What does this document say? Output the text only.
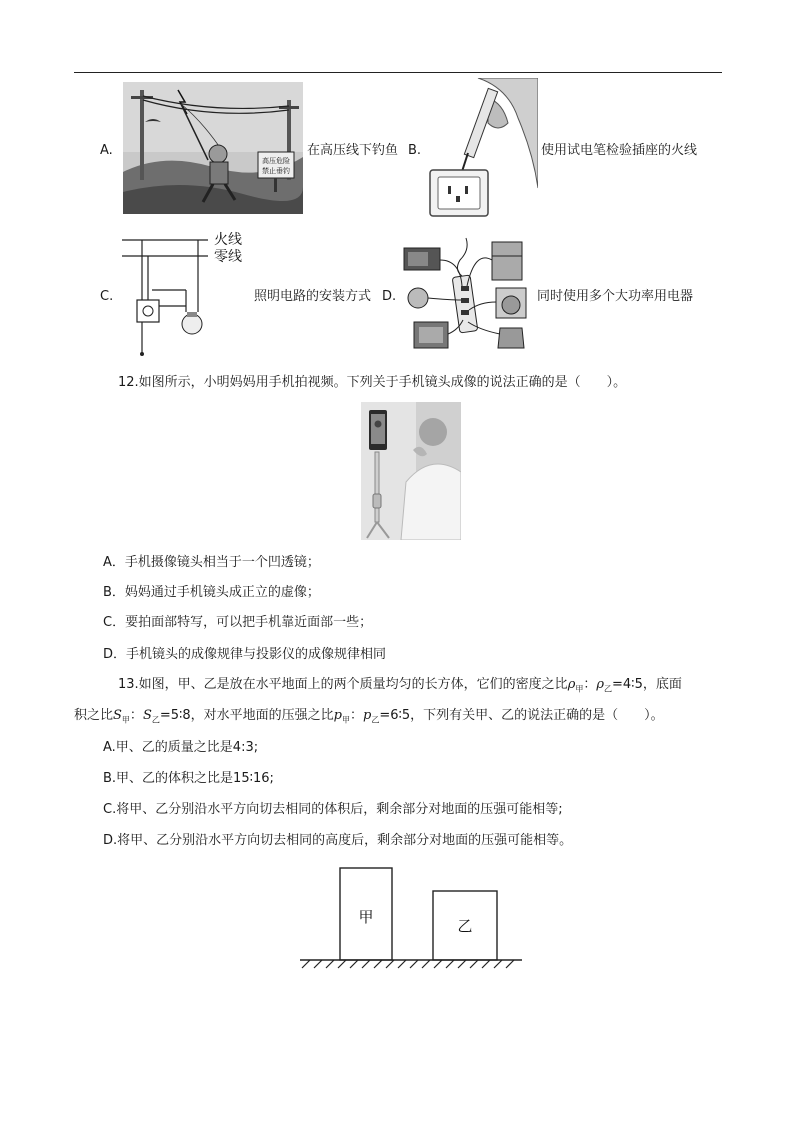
A.
高压危险
禁止垂钓
在高压线下钓鱼 B.	使用试电笔检验插座的火线
C.
火线
零线
照明电路的安装方式 D.	同时使用多个大功率用电器
12.如图所示，小明妈妈用手机拍视频。下列关于手机镜头成像的说法正确的是（　　）。
A．手机摄像镜头相当于一个凹透镜；
B．妈妈通过手机镜头成正立的虚像；
C．要拍面部特写，可以把手机靠近面部一些；
D．手机镜头的成像规律与投影仪的成像规律相同
13.如图，甲、乙是放在水平地面上的两个质量均匀的长方体，它们的密度之比$\rho_甲$：$\rho_乙=4∶5$，底面
积之比$S_甲$：$S_乙=5∶8$，对水平地面的压强之比$p_甲$：$p_乙=6∶5$，下列有关甲、乙的说法正确的是（　　）。
A.甲、乙的质量之比是4:3;
B.甲、乙的体积之比是15∶16;
C.将甲、乙分别沿水平方向切去相同的体积后，剩余部分对地面的压强可能相等;
D.将甲、乙分别沿水平方向切去相同的高度后，剩余部分对地面的压强可能相等。
甲	乙
